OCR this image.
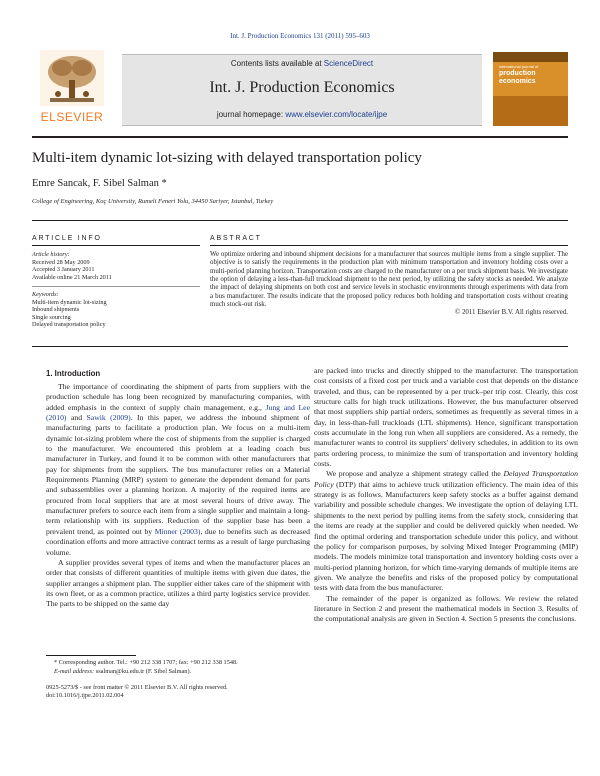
Int. J. Production Economics 131 (2011) 595–603
ELSEVIER
Contents lists available at ScienceDirect
Int. J. Production Economics
journal homepage: www.elsevier.com/locate/ijpe
international journal of
production
economics
Multi-item dynamic lot-sizing with delayed transportation policy
Emre Sancak, F. Sibel Salman *
College of Engineering, Koç University, Rumeli Feneri Yolu, 34450 Sariyer, Istanbul, Turkey
ARTICLE INFO	ABSTRACT
Article history:
Received 28 May 2009
Accepted 3 January 2011
Available online 21 March 2011
Keywords:
Multi-item dynamic lot-sizing
Inbound shipments
Single sourcing
Delayed transportation policy

We optimize ordering and inbound shipment decisions for a manufacturer that sources multiple items from a single supplier. The objective is to satisfy the requirements in the production plan with minimum transportation and inventory holding costs over a multi-period planning horizon. Transportation costs are charged to the manufacturer on a per truck shipment basis. We investigate the option of delaying a less-than-full truckload shipment to the next period, by utilizing the safety stocks as needed. We analyze the impact of delaying shipments on both cost and service levels in stochastic environments through experiments with data from a bus manufacturer. The results indicate that the proposed policy reduces both holding and transportation costs without creating much stock-out risk.

© 2011 Elsevier B.V. All rights reserved.
1. Introduction

The importance of coordinating the shipment of parts from suppliers with the production schedule has long been recognized by manufacturing companies, with added emphasis in the context of supply chain management, e.g., Jung and Lee (2010) and Sawik (2009). In this paper, we address the inbound shipment of manufacturing parts to facilitate a production plan. We focus on a multi-item dynamic lot-sizing problem where the cost of shipments from the supplier is charged to the manufacturer. We encountered this problem at a leading coach bus manufacturer in Turkey, and found it to be common with other manufacturers that pay for shipments from the suppliers. The bus manufacturer relies on a Material Requirements Planning (MRP) system to generate the dependent demand for parts and subassemblies over a planning horizon. A majority of the required items are procured from local suppliers that are at most several hours of drive away. The manufacturer prefers to source each item from a single supplier and maintain a long-term relationship with its suppliers. Reduction of the supplier base has been a prevalent trend, as pointed out by Minner (2003), due to benefits such as decreased coordination efforts and more attractive contract terms as a result of large purchasing volume.

A supplier provides several types of items and when the manufacturer places an order that consists of different quantities of multiple items with given due dates, the supplier arranges a shipment plan. The supplier either takes care of the shipment with its own fleet, or as a common practice, utilizes a third party logistics service provider. The parts to be shipped on the same day

are packed into trucks and directly shipped to the manufacturer. The transportation cost consists of a fixed cost per truck and a variable cost that depends on the distance traveled, and thus, can be represented by a per truck–per trip cost. Clearly, this cost structure calls for high truck utilizations. However, the bus manufacturer observed that most suppliers ship partial orders, sometimes as frequently as several times in a day, in less-than-full truckloads (LTL shipments). Hence, significant transportation costs accumulate in the long run when all suppliers are considered. As a remedy, the manufacturer wants to control its suppliers' delivery schedules, in addition to its own parts ordering process, to minimize the sum of transportation and inventory holding costs.

We propose and analyze a shipment strategy called the Delayed Transportation Policy (DTP) that aims to achieve truck utilization efficiency. The main idea of this strategy is as follows. Manufacturers keep safety stocks as a buffer against demand variability and possible schedule changes. We investigate the option of delaying LTL shipments to the next period by pulling items from the safety stock, considering that the items are ready at the supplier and could be delivered quickly when needed. We find the optimal ordering and transportation schedule under this policy, and without the policy for comparison purposes, by solving Mixed Integer Programming (MIP) models. The models minimize total transportation and inventory holding costs over a multi-period planning horizon, for which time-varying demands of multiple items are given. We analyze the benefits and risks of the proposed policy by computational tests with data from the bus manufacturer.

The remainder of the paper is organized as follows. We review the related literature in Section 2 and present the mathematical models in Section 3. Results of the computational analysis are given in Section 4. Section 5 presents the conclusions.

* Corresponding author. Tel.: +90 212 338 1707; fax: +90 212 338 1548.
E-mail address: ssalman@ku.edu.tr (F. Sibel Salman).
0925-5273/$ - see front matter © 2011 Elsevier B.V. All rights reserved.
doi:10.1016/j.ijpe.2011.02.004
